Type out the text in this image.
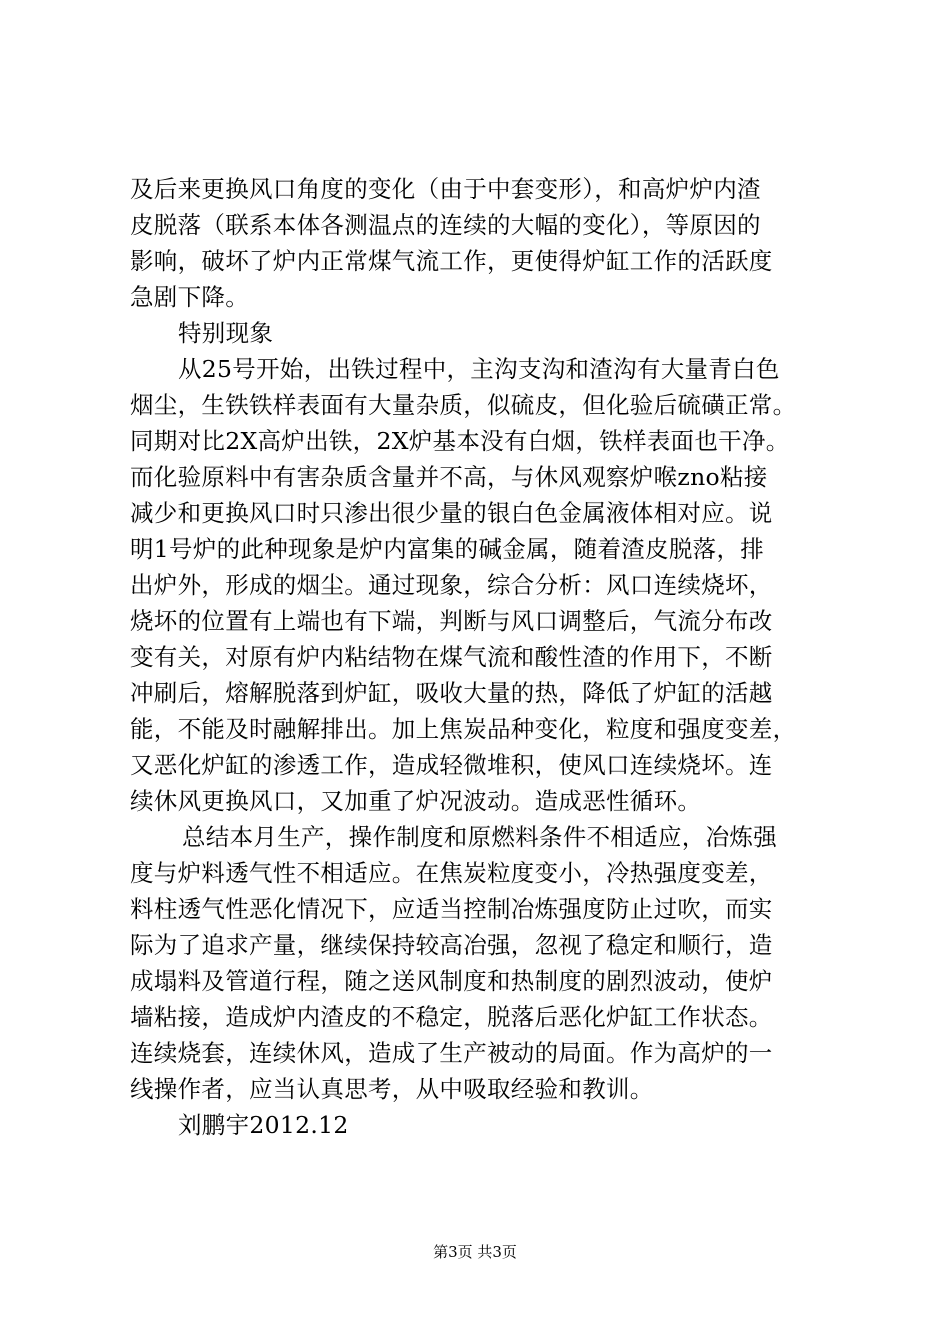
及后来更换风口角度的变化（由于中套变形），和高炉炉内渣
皮脱落（联系本体各测温点的连续的大幅的变化），等原因的
影响，破坏了炉内正常煤气流工作，更使得炉缸工作的活跃度
急剧下降。
特别现象
从25号开始，出铁过程中，主沟支沟和渣沟有大量青白色
烟尘，生铁铁样表面有大量杂质，似硫皮，但化验后硫磺正常。
同期对比2X高炉出铁，2X炉基本没有白烟，铁样表面也干净。
而化验原料中有害杂质含量并不高，与休风观察炉喉zno粘接
减少和更换风口时只渗出很少量的银白色金属液体相对应。说
明1号炉的此种现象是炉内富集的碱金属，随着渣皮脱落，排
出炉外，形成的烟尘。通过现象，综合分析：风口连续烧坏，
烧坏的位置有上端也有下端，判断与风口调整后，气流分布改
变有关，对原有炉内粘结物在煤气流和酸性渣的作用下，不断
冲刷后，熔解脱落到炉缸，吸收大量的热，降低了炉缸的活越
能，不能及时融解排出。加上焦炭品种变化，粒度和强度变差，
又恶化炉缸的渗透工作，造成轻微堆积，使风口连续烧坏。连
续休风更换风口，又加重了炉况波动。造成恶性循环。
总结本月生产，操作制度和原燃料条件不相适应，冶炼强
度与炉料透气性不相适应。在焦炭粒度变小，冷热强度变差，
料柱透气性恶化情况下，应适当控制冶炼强度防止过吹，而实
际为了追求产量，继续保持较高冶强，忽视了稳定和顺行，造
成塌料及管道行程，随之送风制度和热制度的剧烈波动，使炉
墙粘接，造成炉内渣皮的不稳定，脱落后恶化炉缸工作状态。
连续烧套，连续休风，造成了生产被动的局面。作为高炉的一
线操作者，应当认真思考，从中吸取经验和教训。
刘鹏宇2012.12
第3页 共3页
